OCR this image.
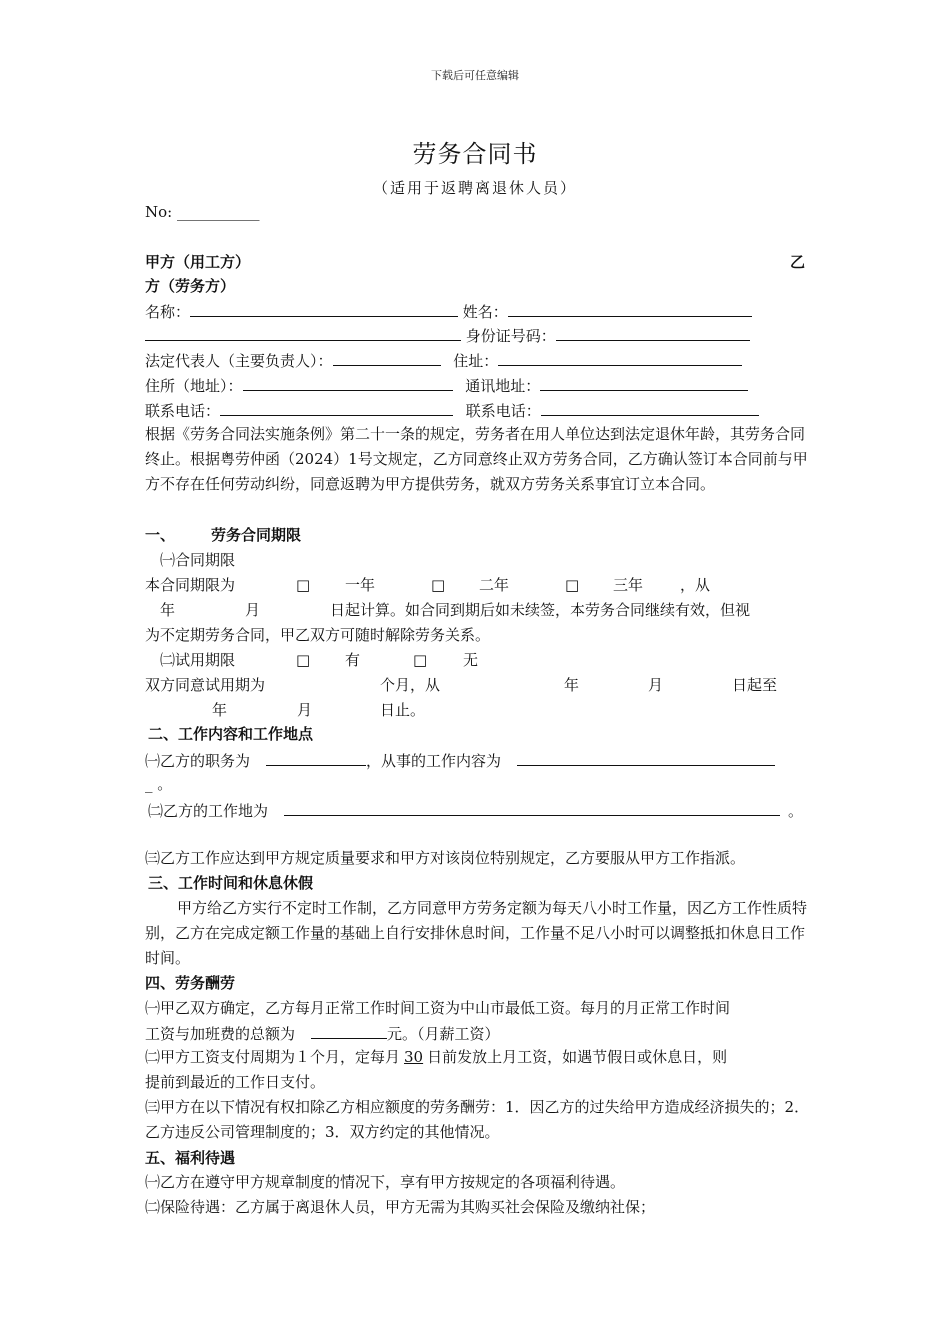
下载后可任意编辑
劳务合同书
（适用于返聘离退休人员）
No: ___________
甲方（用工方）	乙
方（劳务方）
名称：	姓名：
身份证号码：
法定代表人（主要负责人）：	住址：
住所（地址）：	通讯地址：
联系电话：	联系电话：
根据《劳务合同法实施条例》第二十一条的规定，劳务者在用人单位达到法定退休年龄，其劳务合同终止。根据粤劳仲函（2024）1号文规定，乙方同意终止双方劳务合同，乙方确认签订本合同前与甲方不存在任何劳动纠纷，同意返聘为甲方提供劳务，就双方劳务关系事宜订立本合同。
一、 劳务合同期限
㈠合同期限
本合同期限为	□ 一年	□ 二年	□ 三年 ，从
年	月	日起计算。如合同到期后如未续签，本劳务合同继续有效，但视
为不定期劳务合同，甲乙双方可随时解除劳务关系。
㈡试用期限	□ 有	□ 无
双方同意试用期为	个月，从	年	月	日起至
年	月	日止。
二、工作内容和工作地点
㈠乙方的职务为	，从事的工作内容为
_ 。
㈡乙方的工作地为	。
㈢乙方工作应达到甲方规定质量要求和甲方对该岗位特别规定，乙方要服从甲方工作指派。
三、工作时间和休息休假
甲方给乙方实行不定时工作制，乙方同意甲方劳务定额为每天八小时工作量，因乙方工作性质特别，乙方在完成定额工作量的基础上自行安排休息时间，工作量不足八小时可以调整抵扣休息日工作时间。
四、劳务酬劳
㈠甲乙双方确定，乙方每月正常工作时间工资为中山市最低工资。每月的月正常工作时间
工资与加班费的总额为	元。（月薪工资）
㈡甲方工资支付周期为１个月，定每月 30 日前发放上月工资，如遇节假日或休息日，则
提前到最近的工作日支付。
㈢甲方在以下情况有权扣除乙方相应额度的劳务酬劳：1．因乙方的过失给甲方造成经济损失的；2．乙方违反公司管理制度的；3．双方约定的其他情况。
五、福利待遇
㈠乙方在遵守甲方规章制度的情况下，享有甲方按规定的各项福利待遇。
㈡保险待遇：乙方属于离退休人员，甲方无需为其购买社会保险及缴纳社保；
